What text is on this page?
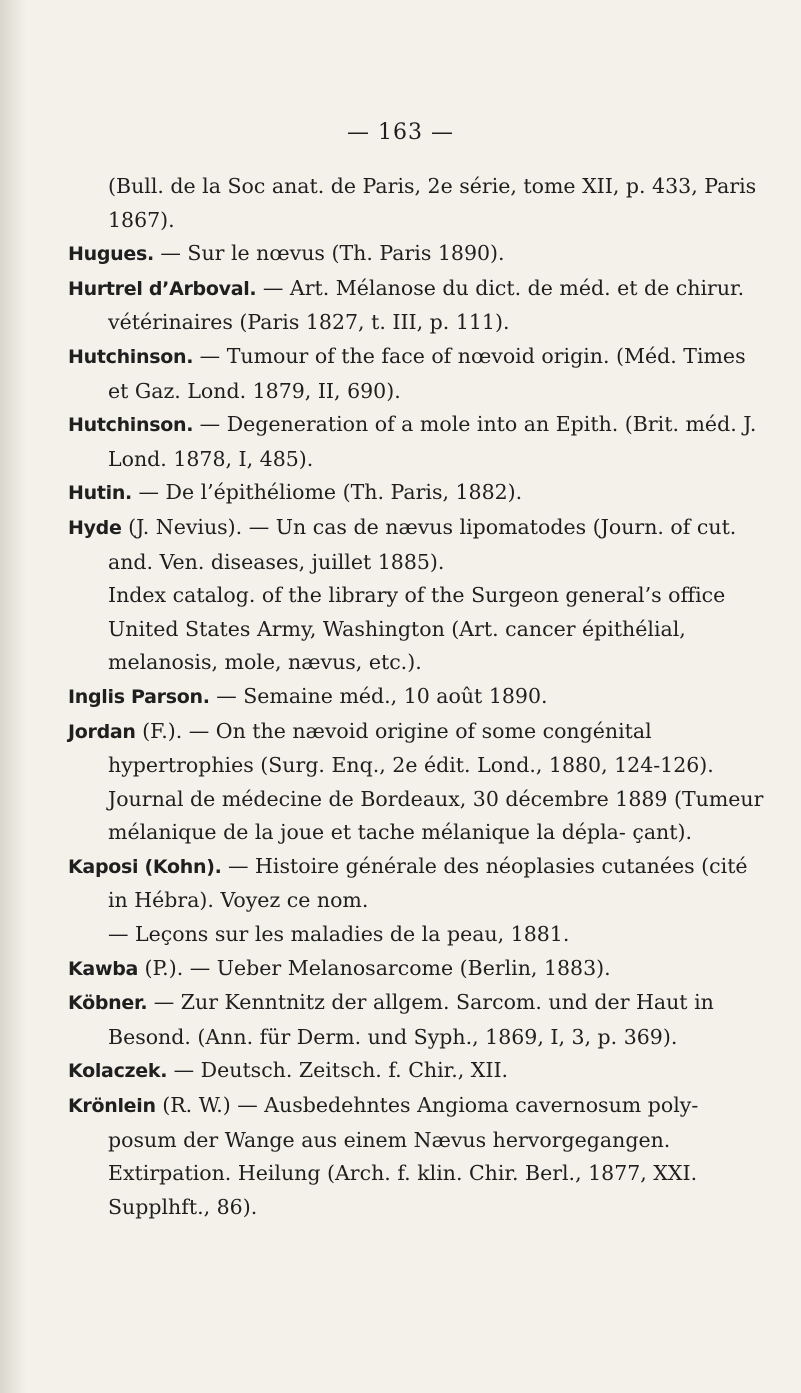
— 163 —

(Bull. de la Soc anat. de Paris, 2e série, tome XII, p. 433, Paris 1867).

Hugues. — Sur le nœvus (Th. Paris 1890).

Hurtrel d’Arboval. — Art. Mélanose du dict. de méd. et de chirur. vétérinaires (Paris 1827, t. III, p. 111).

Hutchinson. — Tumour of the face of nœvoid origin. (Méd. Times et Gaz. Lond. 1879, II, 690).

Hutchinson. — Degeneration of a mole into an Epith. (Brit. méd. J. Lond. 1878, I, 485).

Hutin. — De l’épithéliome (Th. Paris, 1882).

Hyde (J. Nevius). — Un cas de nævus lipomatodes (Journ. of cut. and. Ven. diseases, juillet 1885).

Index catalog. of the library of the Surgeon general’s office United States Army, Washington (Art. cancer épithélial, melanosis, mole, nævus, etc.).

Inglis Parson. — Semaine méd., 10 août 1890.

Jordan (F.). — On the nævoid origine of some congénital hypertrophies (Surg. Enq., 2e édit. Lond., 1880, 124-126).

Journal de médecine de Bordeaux, 30 décembre 1889 (Tumeur mélanique de la joue et tache mélanique la dépla- çant).

Kaposi (Kohn). — Histoire générale des néoplasies cutanées (cité in Hébra). Voyez ce nom.

— Leçons sur les maladies de la peau, 1881.

Kawba (P.). — Ueber Melanosarcome (Berlin, 1883).

Köbner. — Zur Kenntnitz der allgem. Sarcom. und der Haut in Besond. (Ann. für Derm. und Syph., 1869, I, 3, p. 369).

Kolaczek. — Deutsch. Zeitsch. f. Chir., XII.

Krönlein (R. W.) — Ausbedehntes Angioma cavernosum poly- posum der Wange aus einem Nævus hervorgegangen. Extirpation. Heilung (Arch. f. klin. Chir. Berl., 1877, XXI. Supplhft., 86).
